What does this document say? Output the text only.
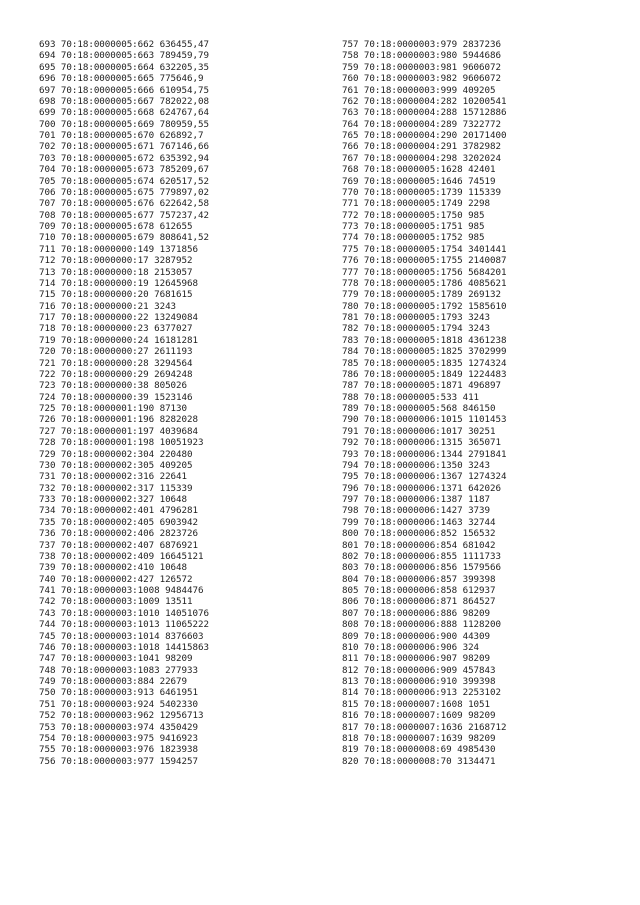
693 70:18:0000005:662 636455,47
694 70:18:0000005:663 789459,79
695 70:18:0000005:664 632205,35
696 70:18:0000005:665 775646,9
697 70:18:0000005:666 610954,75
698 70:18:0000005:667 782022,08
699 70:18:0000005:668 624767,64
700 70:18:0000005:669 780959,55
701 70:18:0000005:670 626892,7
702 70:18:0000005:671 767146,66
703 70:18:0000005:672 635392,94
704 70:18:0000005:673 785209,67
705 70:18:0000005:674 620517,52
706 70:18:0000005:675 779897,02
707 70:18:0000005:676 622642,58
708 70:18:0000005:677 757237,42
709 70:18:0000005:678 612655
710 70:18:0000005:679 808641,52
711 70:18:0000000:149 1371856
712 70:18:0000000:17 3287952
713 70:18:0000000:18 2153057
714 70:18:0000000:19 12645968
715 70:18:0000000:20 7681615
716 70:18:0000000:21 3243
717 70:18:0000000:22 13249084
718 70:18:0000000:23 6377027
719 70:18:0000000:24 16181281
720 70:18:0000000:27 2611193
721 70:18:0000000:28 3294564
722 70:18:0000000:29 2694248
723 70:18:0000000:38 805026
724 70:18:0000000:39 1523146
725 70:18:0000001:190 87130
726 70:18:0000001:196 8282028
727 70:18:0000001:197 4039684
728 70:18:0000001:198 10051923
729 70:18:0000002:304 220480
730 70:18:0000002:305 409205
731 70:18:0000002:316 22641
732 70:18:0000002:317 115339
733 70:18:0000002:327 10648
734 70:18:0000002:401 4796281
735 70:18:0000002:405 6903942
736 70:18:0000002:406 2823726
737 70:18:0000002:407 6876921
738 70:18:0000002:409 16645121
739 70:18:0000002:410 10648
740 70:18:0000002:427 126572
741 70:18:0000003:1008 9484476
742 70:18:0000003:1009 13511
743 70:18:0000003:1010 14051076
744 70:18:0000003:1013 11065222
745 70:18:0000003:1014 8376603
746 70:18:0000003:1018 14415863
747 70:18:0000003:1041 98209
748 70:18:0000003:1083 277933
749 70:18:0000003:884 22679
750 70:18:0000003:913 6461951
751 70:18:0000003:924 5402330
752 70:18:0000003:962 12956713
753 70:18:0000003:974 4350429
754 70:18:0000003:975 9416923
755 70:18:0000003:976 1823938
756 70:18:0000003:977 1594257
757 70:18:0000003:979 2837236
758 70:18:0000003:980 5944686
759 70:18:0000003:981 9606072
760 70:18:0000003:982 9606072
761 70:18:0000003:999 409205
762 70:18:0000004:282 10200541
763 70:18:0000004:288 15712886
764 70:18:0000004:289 7322772
765 70:18:0000004:290 20171400
766 70:18:0000004:291 3782982
767 70:18:0000004:298 3202024
768 70:18:0000005:1628 42401
769 70:18:0000005:1646 74519
770 70:18:0000005:1739 115339
771 70:18:0000005:1749 2298
772 70:18:0000005:1750 985
773 70:18:0000005:1751 985
774 70:18:0000005:1752 985
775 70:18:0000005:1754 3401441
776 70:18:0000005:1755 2140087
777 70:18:0000005:1756 5684201
778 70:18:0000005:1786 4085621
779 70:18:0000005:1789 269132
780 70:18:0000005:1792 1585610
781 70:18:0000005:1793 3243
782 70:18:0000005:1794 3243
783 70:18:0000005:1818 4361238
784 70:18:0000005:1825 3702999
785 70:18:0000005:1835 1274324
786 70:18:0000005:1849 1224483
787 70:18:0000005:1871 496897
788 70:18:0000005:533 411
789 70:18:0000005:568 846150
790 70:18:0000006:1015 1101453
791 70:18:0000006:1017 30251
792 70:18:0000006:1315 365071
793 70:18:0000006:1344 2791841
794 70:18:0000006:1350 3243
795 70:18:0000006:1367 1274324
796 70:18:0000006:1371 642026
797 70:18:0000006:1387 1187
798 70:18:0000006:1427 3739
799 70:18:0000006:1463 32744
800 70:18:0000006:852 156532
801 70:18:0000006:854 681042
802 70:18:0000006:855 1111733
803 70:18:0000006:856 1579566
804 70:18:0000006:857 399398
805 70:18:0000006:858 612937
806 70:18:0000006:871 864527
807 70:18:0000006:886 98209
808 70:18:0000006:888 1128200
809 70:18:0000006:900 44309
810 70:18:0000006:906 324
811 70:18:0000006:907 98209
812 70:18:0000006:909 457843
813 70:18:0000006:910 399398
814 70:18:0000006:913 2253102
815 70:18:0000007:1608 1051
816 70:18:0000007:1609 98209
817 70:18:0000007:1636 2168712
818 70:18:0000007:1639 98209
819 70:18:0000008:69 4985430
820 70:18:0000008:70 3134471
